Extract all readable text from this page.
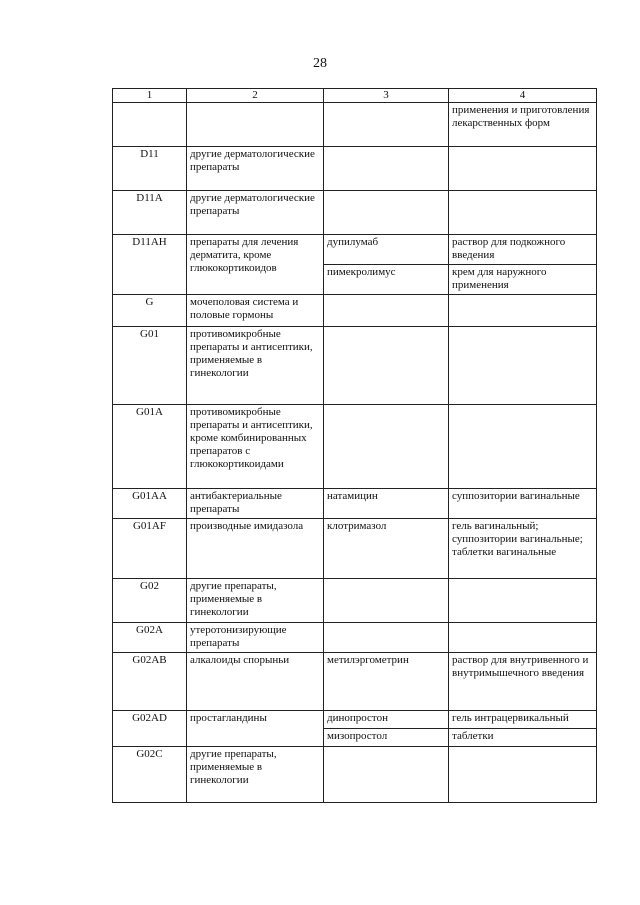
28
1	2	3	4
			применения и приготовления лекарственных форм
D11	другие дерматологические препараты		
D11A	другие дерматологические препараты		
D11AH	препараты для лечения дерматита, кроме глюкокортикоидов	дупилумаб	раствор для подкожного введения
		пимекролимус	крем для наружного применения
G	мочеполовая система и половые гормоны		
G01	противомикробные препараты и антисептики, применяемые в гинекологии		
G01A	противомикробные препараты и антисептики, кроме комбинированных препаратов с глюкокортикоидами		
G01AA	антибактериальные препараты	натамицин	суппозитории вагинальные
G01AF	производные имидазола	клотримазол	гель вагинальный;
суппозитории вагинальные;
таблетки вагинальные
G02	другие препараты, применяемые в гинекологии		
G02A	утеротонизирующие препараты		
G02AB	алкалоиды спорыньи	метилэргометрин	раствор для внутривенного и внутримышечного введения
G02AD	простагландины	динопростон	гель интрацервикальный
		мизопростол	таблетки
G02C	другие препараты, применяемые в гинекологии		
